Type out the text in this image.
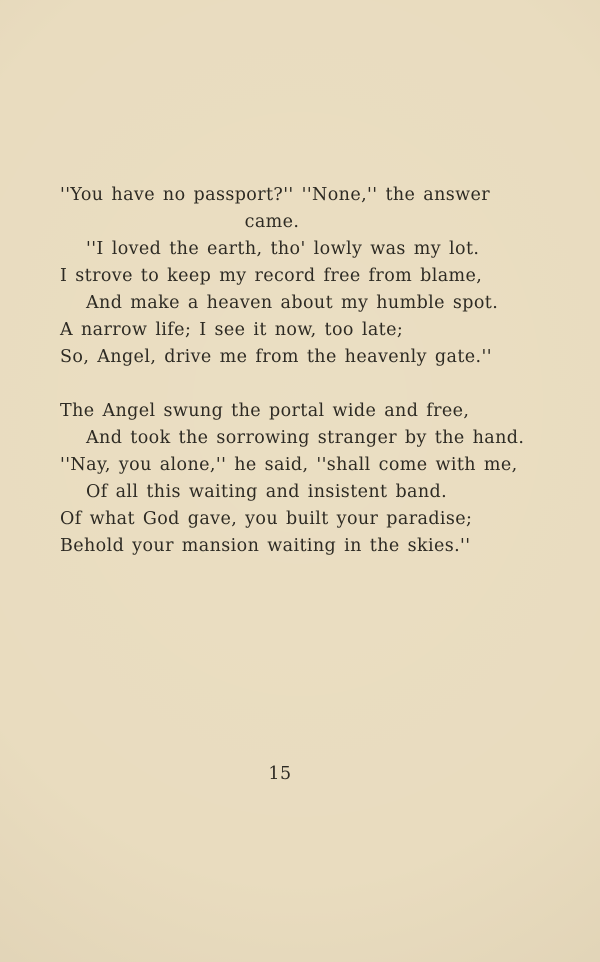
''You have no passport?'' ''None,'' the answer
came.
''I loved the earth, tho' lowly was my lot.
I strove to keep my record free from blame,
And make a heaven about my humble spot.
A narrow life; I see it now, too late;
So, Angel, drive me from the heavenly gate.''
The Angel swung the portal wide and free,
And took the sorrowing stranger by the hand.
''Nay, you alone,'' he said, ''shall come with me,
Of all this waiting and insistent band.
Of what God gave, you built your paradise;
Behold your mansion waiting in the skies.''
15
